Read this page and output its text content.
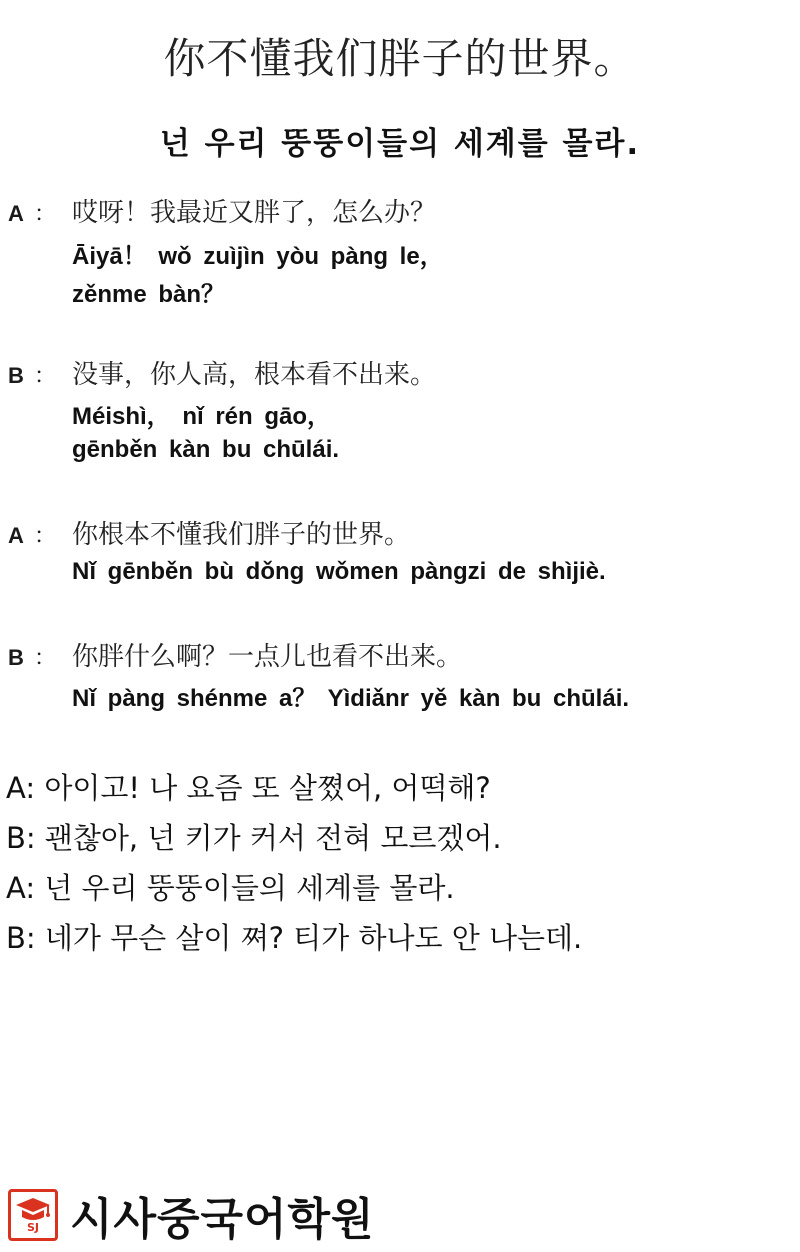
你不懂我们胖子的世界。
넌 우리 뚱뚱이들의 세계를 몰라.
A ： 哎呀！我最近又胖了，怎么办？
Āiyā！ wǒ zuìjìn yòu pàng le，
zěnme bàn？
B ： 没事，你人高，根本看不出来。
Méishì， nǐ rén gāo，
gēnběn kàn bu chūlái.
A ： 你根本不懂我们胖子的世界。
Nǐ gēnběn bù dǒng wǒmen pàngzi de shìjiè.
B ： 你胖什么啊？一点儿也看不出来。
Nǐ pàng shénme a？ Yìdiǎnr yě kàn bu chūlái.
A: 아이고! 나 요즘 또 살쪘어, 어떡해?
B: 괜찮아, 넌 키가 커서 전혀 모르겠어.
A: 넌 우리 뚱뚱이들의 세계를 몰라.
B: 네가 무슨 살이 쪄? 티가 하나도 안 나는데.
SJ 시사중국어학원
